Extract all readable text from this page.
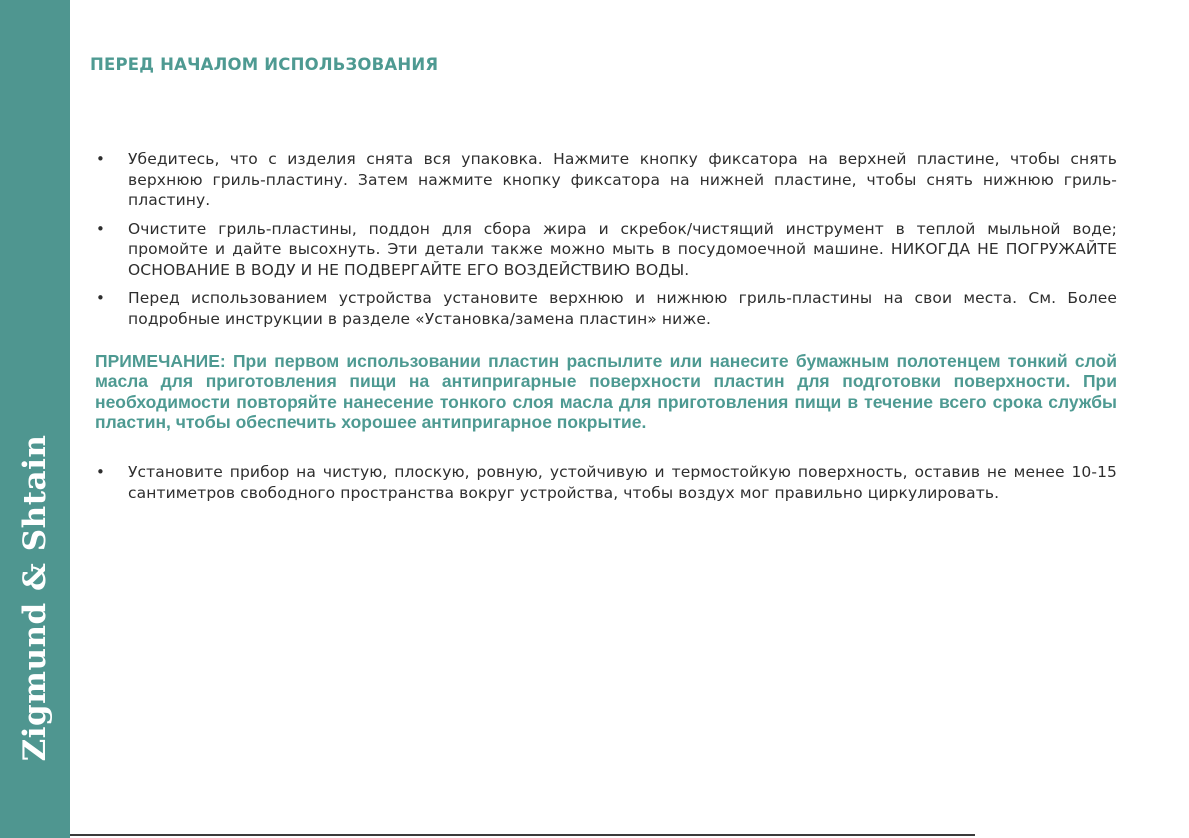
Zigmund & Shtain
ПЕРЕД НАЧАЛОМ ИСПОЛЬЗОВАНИЯ
• Убедитесь, что с изделия снята вся упаковка. Нажмите кнопку фиксатора на верхней пластине, чтобы снять верхнюю гриль-пластину. Затем нажмите кнопку фиксатора на нижней пластине, чтобы снять нижнюю гриль-пластину.
• Очистите гриль-пластины, поддон для сбора жира и скребок/чистящий инструмент в теплой мыльной воде; промойте и дайте высохнуть. Эти детали также можно мыть в посудомоечной машине. НИКОГДА НЕ ПОГРУЖАЙТЕ ОСНОВАНИЕ В ВОДУ И НЕ ПОДВЕРГАЙТЕ ЕГО ВОЗДЕЙСТВИЮ ВОДЫ.
• Перед использованием устройства установите верхнюю и нижнюю гриль-пластины на свои места. См. Более подробные инструкции в разделе «Установка/замена пластин» ниже.

ПРИМЕЧАНИЕ: При первом использовании пластин распылите или нанесите бумажным полотенцем тонкий слой масла для приготовления пищи на антипригарные поверхности пластин для подготовки поверхности. При необходимости повторяйте нанесение тонкого слоя масла для приготовления пищи в течение всего срока службы пластин, чтобы обеспечить хорошее антипригарное покрытие.

• Установите прибор на чистую, плоскую, ровную, устойчивую и термостойкую поверхность, оставив не менее 10-15 сантиметров свободного пространства вокруг устройства, чтобы воздух мог правильно циркулировать.
